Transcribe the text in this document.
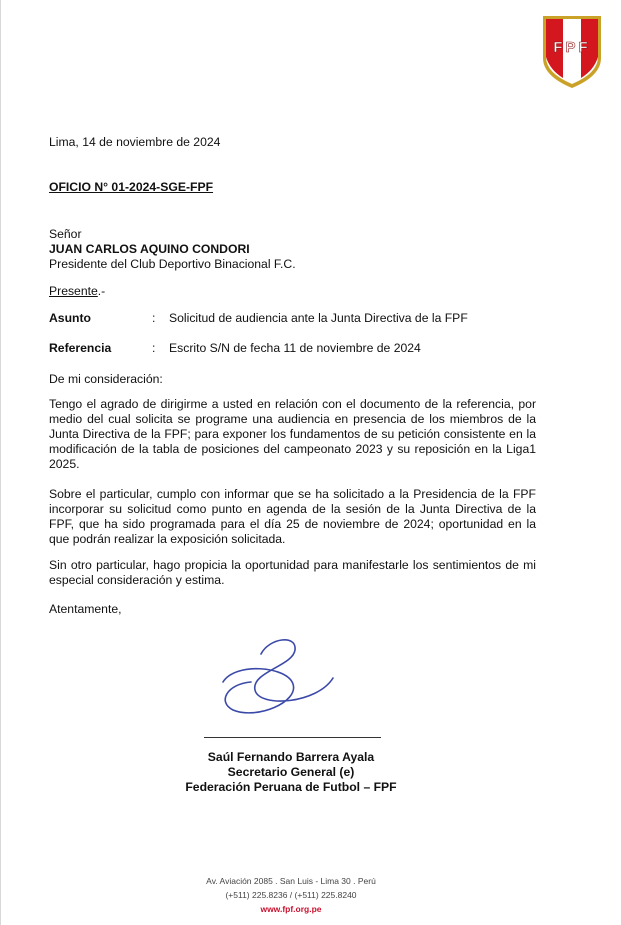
FPF
Lima, 14 de noviembre de 2024
OFICIO N° 01-2024-SGE-FPF
Señor
JUAN CARLOS AQUINO CONDORI
Presidente del Club Deportivo Binacional F.C.
Presente.-
Asunto	: Solicitud de audiencia ante la Junta Directiva de la FPF
Referencia	: Escrito S/N de fecha 11 de noviembre de 2024
De mi consideración:

Tengo el agrado de dirigirme a usted en relación con el documento de la referencia, por medio del cual solicita se programe una audiencia en presencia de los miembros de la Junta Directiva de la FPF; para exponer los fundamentos de su petición consistente en la modificación de la tabla de posiciones del campeonato 2023 y su reposición en la Liga1 2025.

Sobre el particular, cumplo con informar que se ha solicitado a la Presidencia de la FPF incorporar su solicitud como punto en agenda de la sesión de la Junta Directiva de la FPF, que ha sido programada para el día 25 de noviembre de 2024; oportunidad en la que podrán realizar la exposición solicitada.

Sin otro particular, hago propicia la oportunidad para manifestarle los sentimientos de mi especial consideración y estima.

Atentamente,
Saúl Fernando Barrera Ayala
Secretario General (e)
Federación Peruana de Futbol – FPF
Av. Aviación 2085 . San Luis - Lima 30 . Perú
(+511) 225.8236 / (+511) 225.8240
www.fpf.org.pe
